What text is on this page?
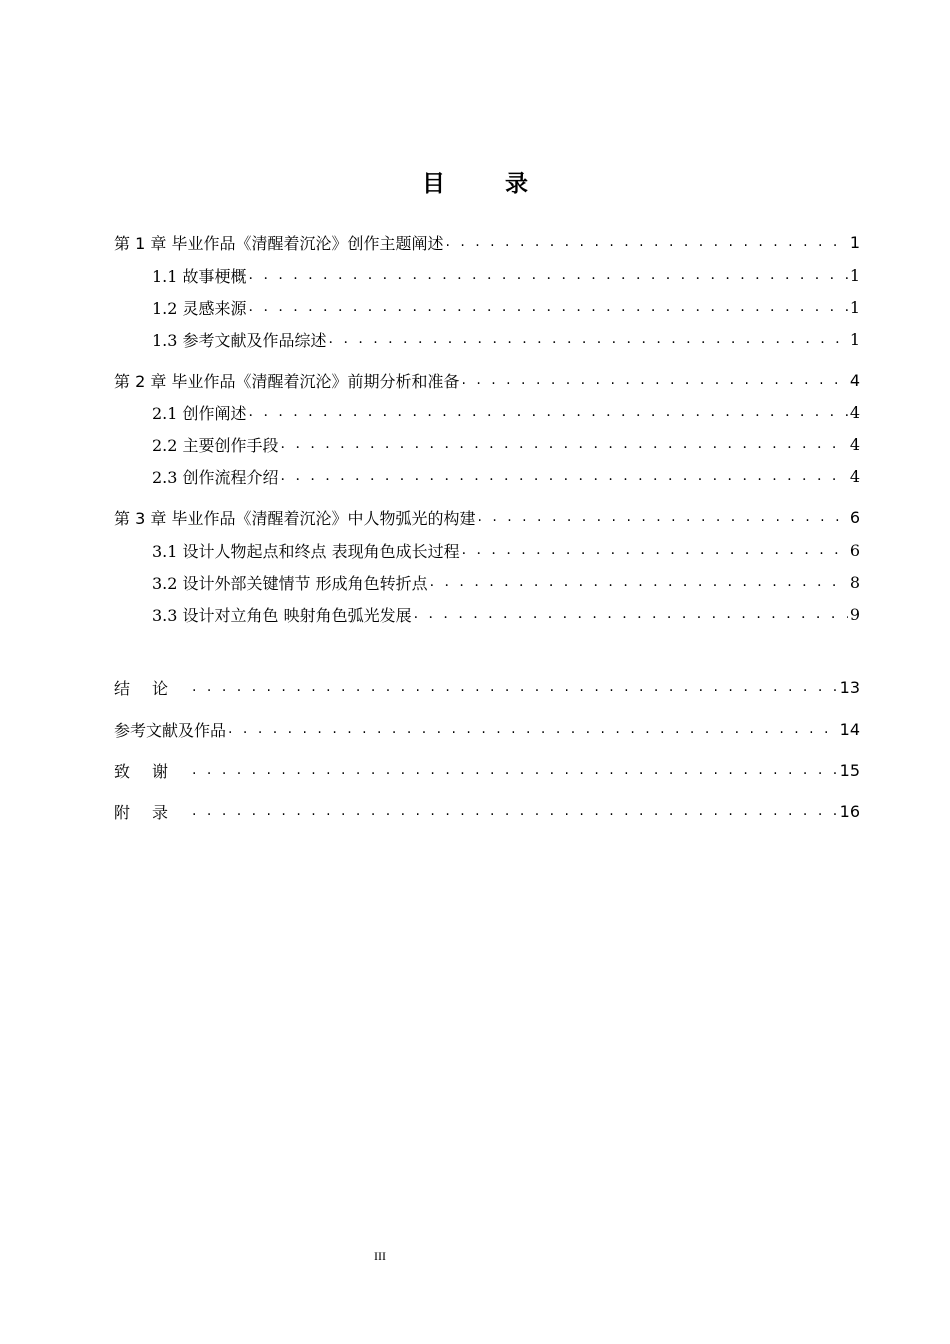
目 录
第 1 章 毕业作品《清醒着沉沦》创作主题阐述 . . .	1
1.1 故事梗概 . . .	1
1.2 灵感来源 . . .	1
1.3 参考文献及作品综述 . . .	1
第 2 章 毕业作品《清醒着沉沦》前期分析和准备 . . .	4
2.1 创作阐述 . . .	4
2.2 主要创作手段 . . .	4
2.3 创作流程介绍 . . .	4
第 3 章 毕业作品《清醒着沉沦》中人物弧光的构建 . . .	6
3.1 设计人物起点和终点 表现角色成长过程 . . .	6
3.2 设计外部关键情节 形成角色转折点 . . .	8
3.3 设计对立角色 映射角色弧光发展 . . .	9
结论 . . .	13
参考文献及作品 . . .	14
致谢 . . .	15
附录 . . .	16
III
